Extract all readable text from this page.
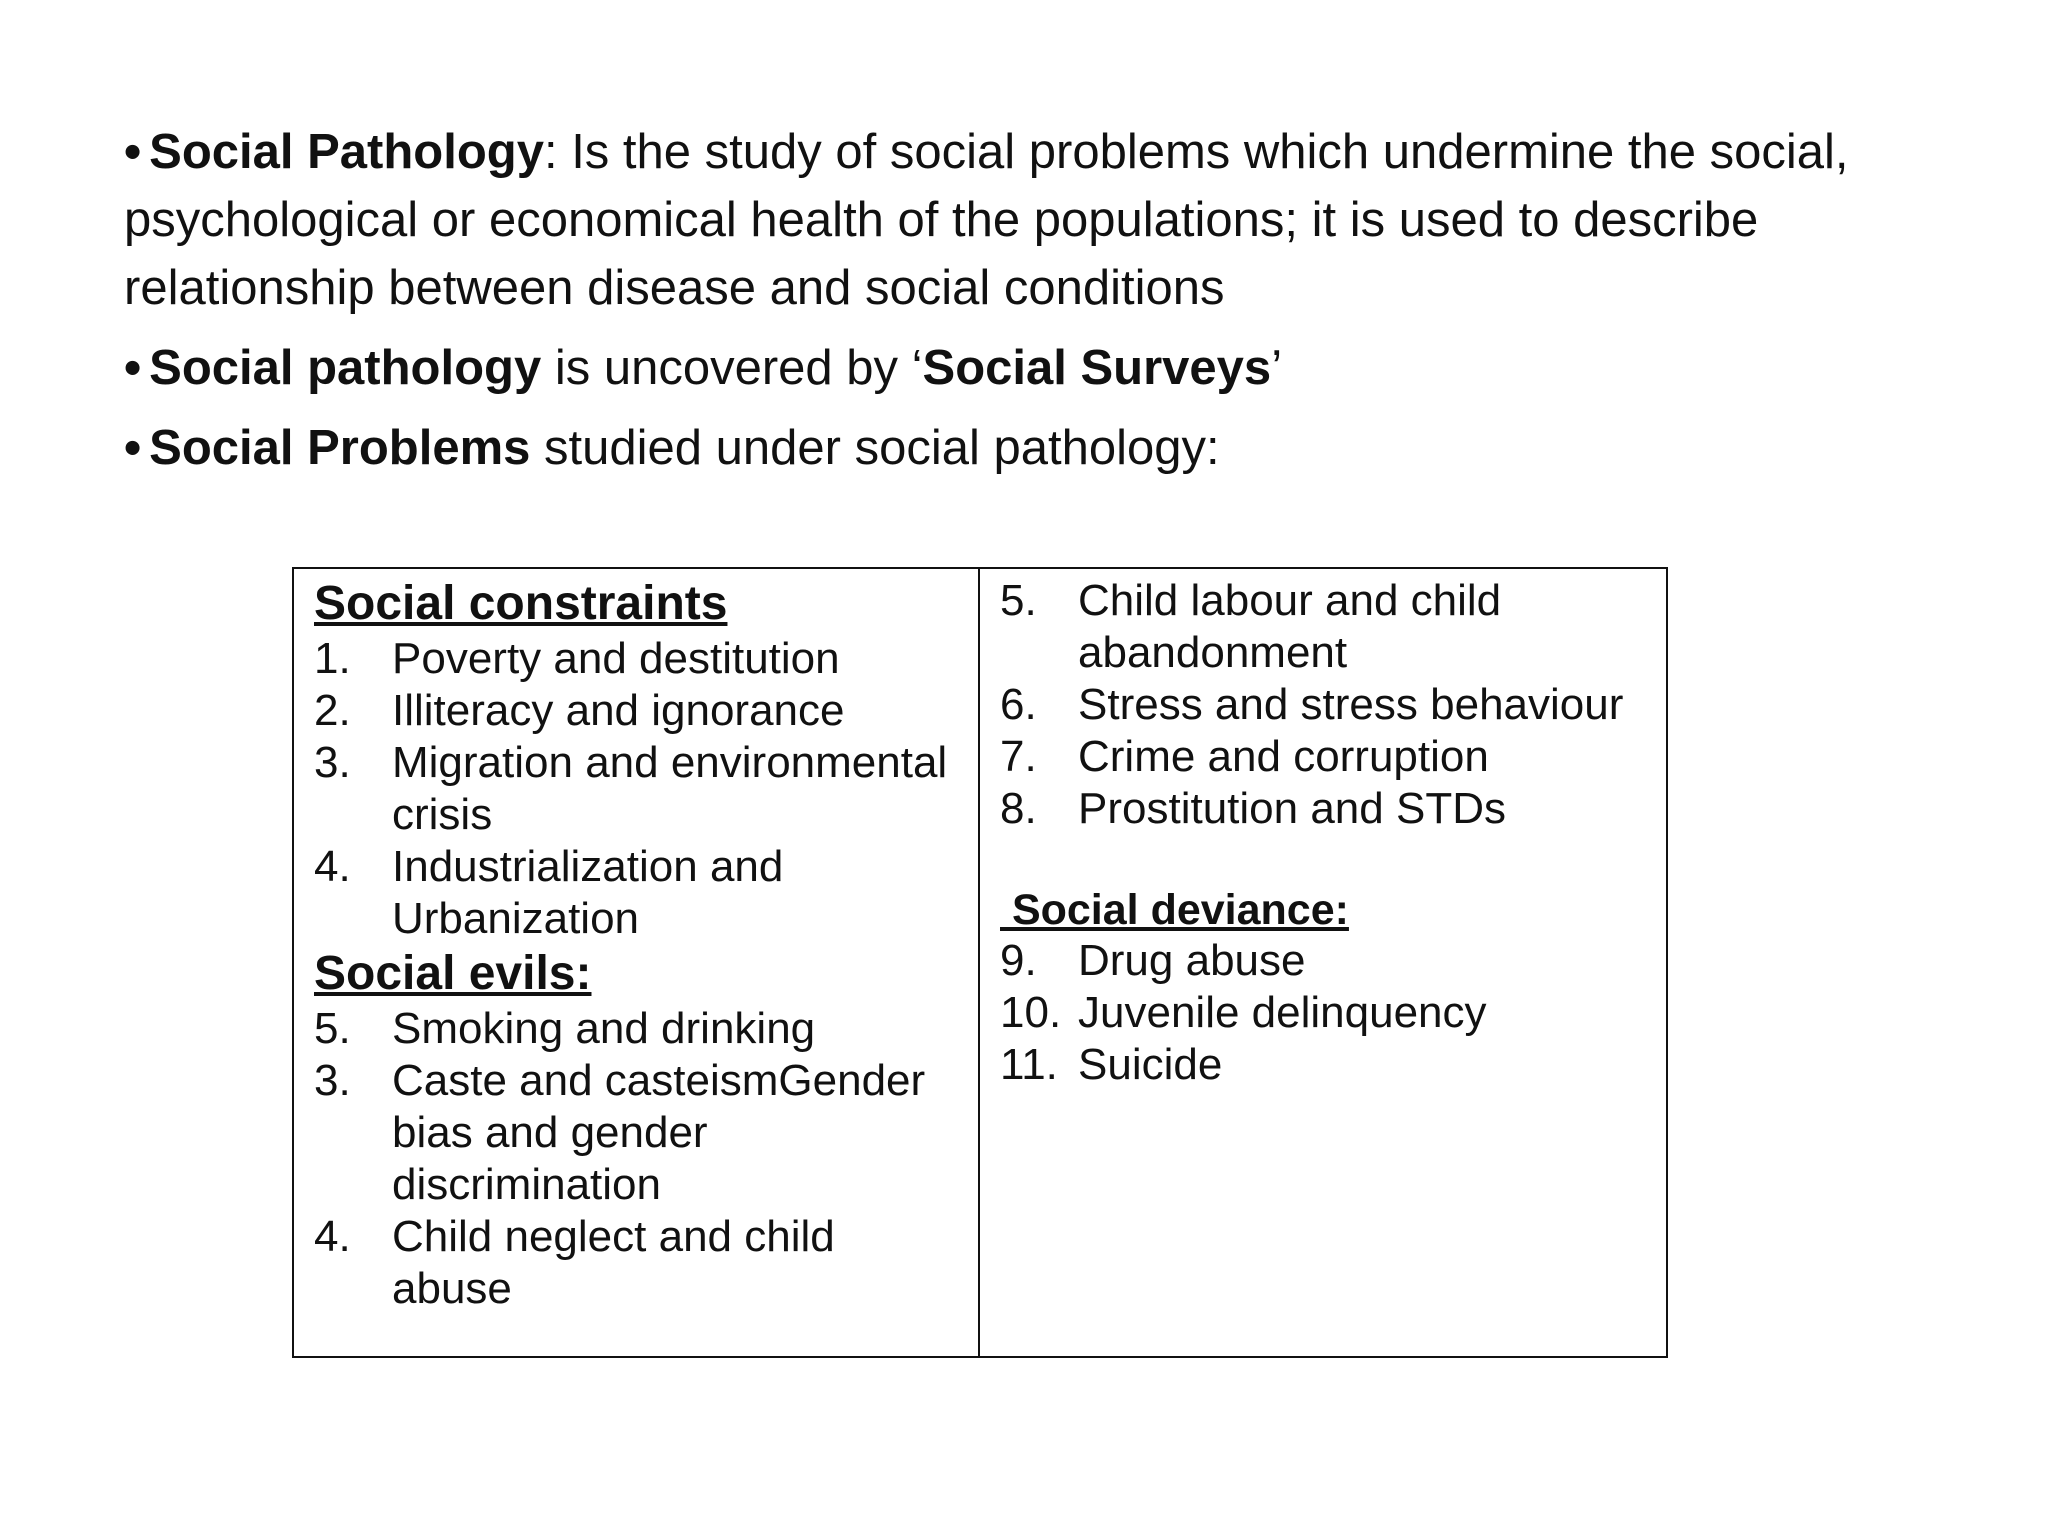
• Social Pathology: Is the study of social problems which undermine the social, psychological or economical health of the populations; it is used to describe relationship between disease and social conditions

• Social pathology is uncovered by ‘Social Surveys’

• Social Problems studied under social pathology:

Social constraints
1. Poverty and destitution
2. Illiteracy and ignorance
3. Migration and environmental crisis
4. Industrialization and Urbanization
Social evils:
5. Smoking and drinking
3. Caste and casteismGender bias and gender discrimination
4. Child neglect and child abuse
5. Child labour and child abandonment
6. Stress and stress behaviour
7. Crime and corruption
8. Prostitution and STDs
Social deviance:
9. Drug abuse
10. Juvenile delinquency
11. Suicide
